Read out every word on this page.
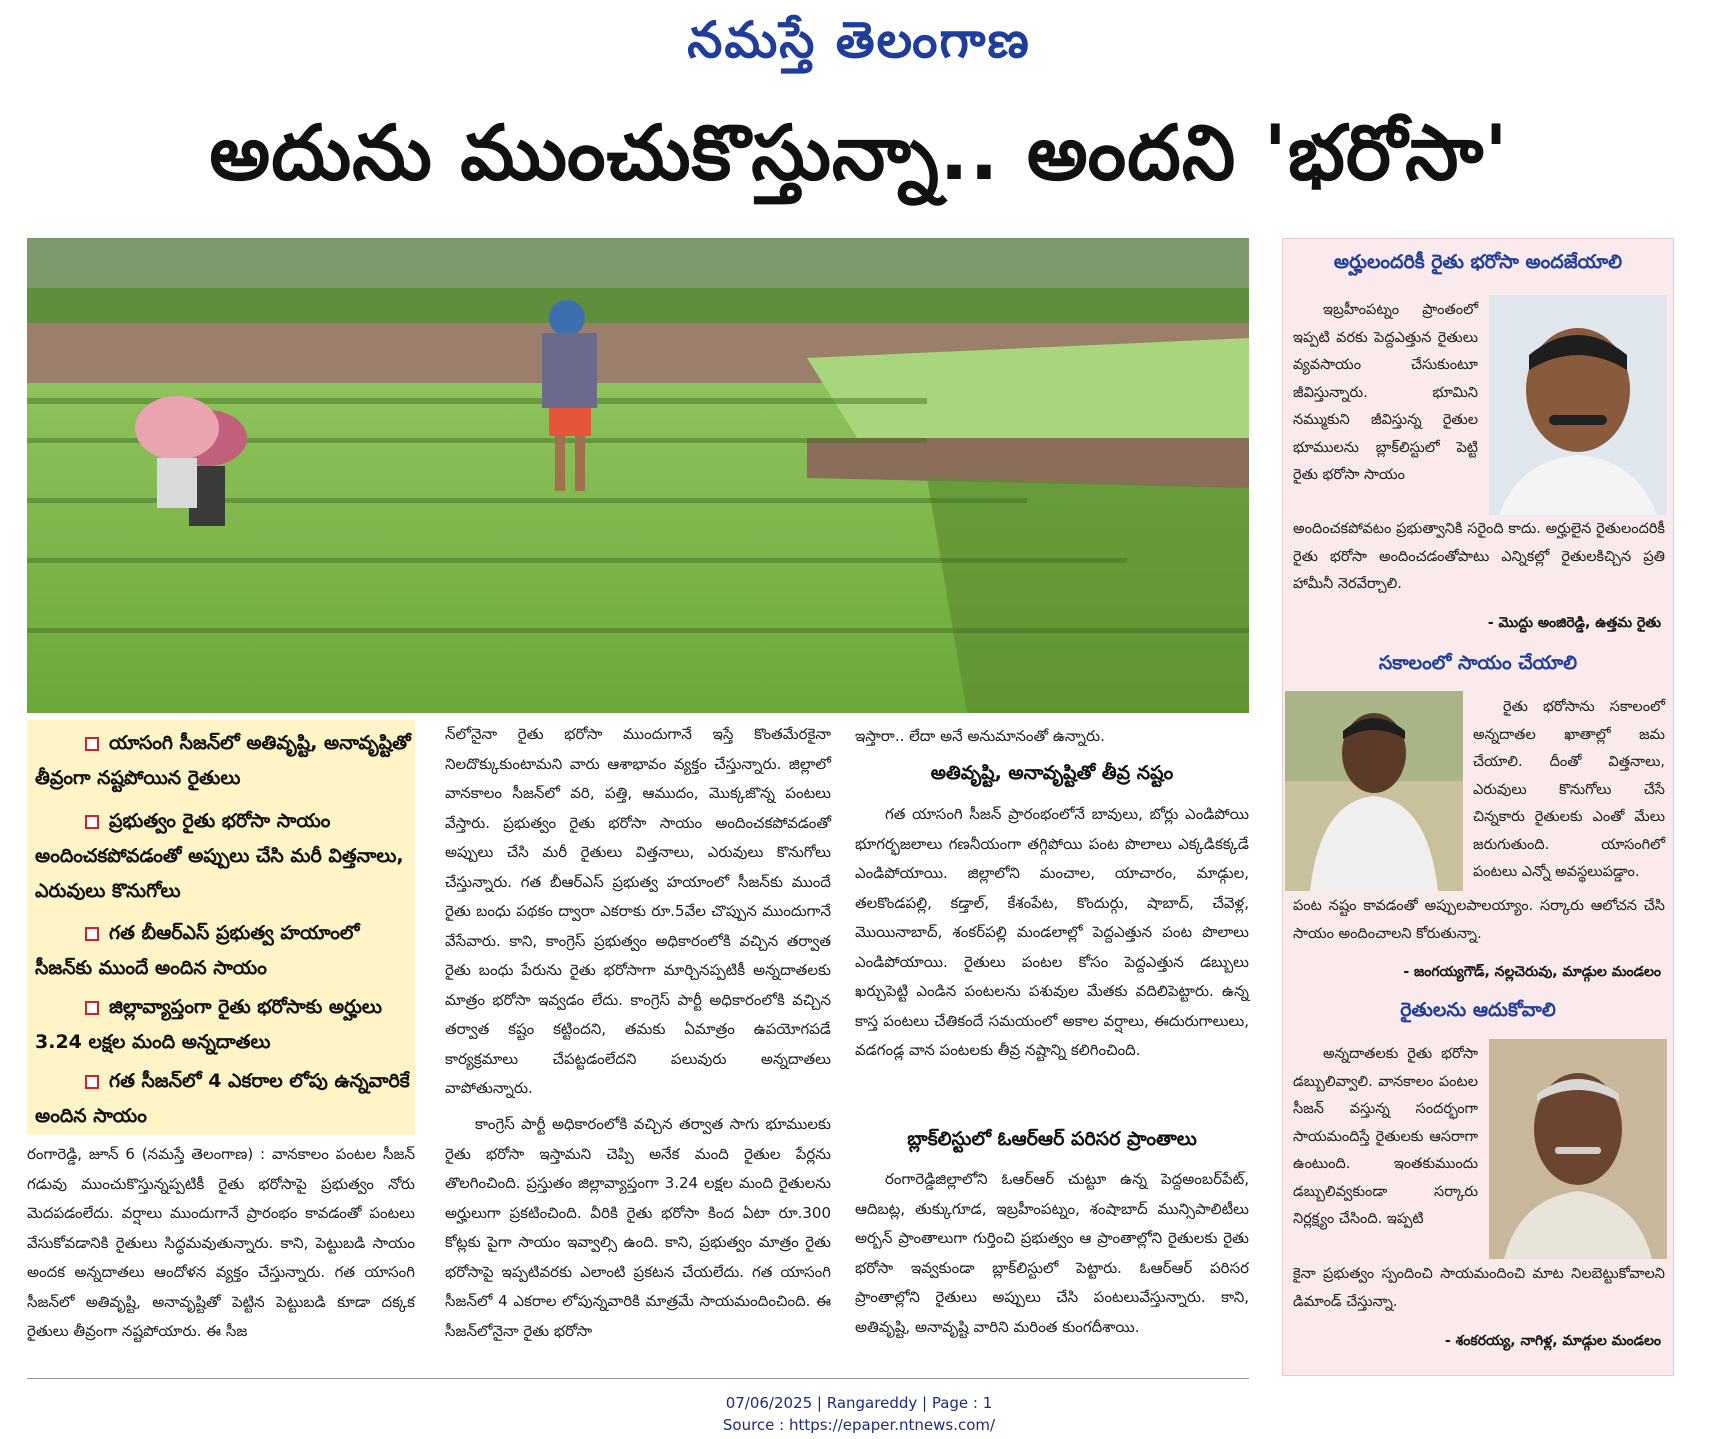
నమస్తే తెలంగాణ
అదును ముంచుకొస్తున్నా.. అందని 'భరోసా'
యాసంగి సీజన్‌లో అతివృష్టి, అనావృష్టితో తీవ్రంగా నష్టపోయిన రైతులు
ప్రభుత్వం రైతు భరోసా సాయం అందించకపోవడంతో అప్పులు చేసి మరీ విత్తనాలు, ఎరువులు కొనుగోలు
గత బీఆర్‌ఎస్ ప్రభుత్వ హయాంలో సీజన్‌కు ముందే అందిన సాయం
జిల్లావ్యాప్తంగా రైతు భరోసాకు అర్హులు 3.24 లక్షల మంది అన్నదాతలు
గత సీజన్‌లో 4 ఎకరాల లోపు ఉన్నవారికే అందిన సాయం
రంగారెడ్డి, జూన్ 6 (నమస్తే తెలంగాణ) : వానకాలం పంటల సీజన్ గడువు ముంచుకొస్తున్నప్పటికీ రైతు భరోసాపై ప్రభుత్వం నోరు మెదపడంలేదు. వర్షాలు ముందుగానే ప్రారంభం కావడంతో పంటలు వేసుకోవడానికి రైతులు సిద్ధమవుతున్నారు. కాని, పెట్టుబడి సాయం అందక అన్నదాతలు ఆందోళన వ్యక్తం చేస్తున్నారు. గత యాసంగి సీజన్‌లో అతివృష్టి, అనావృష్టితో పెట్టిన పెట్టుబడి కూడా దక్కక రైతులు తీవ్రంగా నష్టపోయారు. ఈ సీజ
న్‌లోనైనా రైతు భరోసా ముందుగానే ఇస్తే కొంతమేరకైనా నిలదొక్కుకుంటామని వారు ఆశాభావం వ్యక్తం చేస్తున్నారు. జిల్లాలో వానకాలం సీజన్‌లో వరి, పత్తి, ఆముదం, మొక్కజొన్న పంటలు వేస్తారు. ప్రభుత్వం రైతు భరోసా సాయం అందించకపోవడంతో అప్పులు చేసి మరీ రైతులు విత్తనాలు, ఎరువులు కొనుగోలు చేస్తున్నారు. గత బీఆర్‌ఎస్ ప్రభుత్వ హయాంలో సీజన్‌కు ముందే రైతు బంధు పథకం ద్వారా ఎకరాకు రూ.5వేల చొప్పున ముందుగానే వేసేవారు. కాని, కాంగ్రెస్ ప్రభుత్వం అధికారంలోకి వచ్చిన తర్వాత రైతు బంధు పేరును రైతు భరోసాగా మార్చినప్పటికీ అన్నదాతలకు మాత్రం భరోసా ఇవ్వడం లేదు. కాంగ్రెస్ పార్టీ అధికారంలోకి వచ్చిన తర్వాత కష్టం కట్టిందని, తమకు ఏమాత్రం ఉపయోగపడే కార్యక్రమాలు చేపట్టడంలేదని పలువురు అన్నదాతలు వాపోతున్నారు.
కాంగ్రెస్ పార్టీ అధికారంలోకి వచ్చిన తర్వాత సాగు భూములకు రైతు భరోసా ఇస్తామని చెప్పి అనేక మంది రైతుల పేర్లను తొలగించింది. ప్రస్తుతం జిల్లావ్యాప్తంగా 3.24 లక్షల మంది రైతులను అర్హులుగా ప్రకటించింది. వీరికి రైతు భరోసా కింద ఏటా రూ.300 కోట్లకు పైగా సాయం ఇవ్వాల్సి ఉంది. కాని, ప్రభుత్వం మాత్రం రైతు భరోసాపై ఇప్పటివరకు ఎలాంటి ప్రకటన చేయలేదు. గత యాసంగి సీజన్‌లో 4 ఎకరాల లోపున్నవారికి మాత్రమే సాయమందించింది. ఈ సీజన్‌లోనైనా రైతు భరోసా
ఇస్తారా.. లేదా అనే అనుమానంతో ఉన్నారు.
అతివృష్టి, అనావృష్టితో తీవ్ర నష్టం
గత యాసంగి సీజన్ ప్రారంభంలోనే బావులు, బోర్లు ఎండిపోయి భూగర్భజలాలు గణనీయంగా తగ్గిపోయి పంట పొలాలు ఎక్కడికక్కడే ఎండిపోయాయి. జిల్లాలోని మంచాల, యాచారం, మాడ్గుల, తలకొండపల్లి, కడ్తాల్, కేశంపేట, కొందుర్గు, షాబాద్, చేవెళ్ల, మొయినాబాద్, శంకర్‌పల్లి మండలాల్లో పెద్దఎత్తున పంట పొలాలు ఎండిపోయాయి. రైతులు పంటల కోసం పెద్దఎత్తున డబ్బులు ఖర్చుపెట్టి ఎండిన పంటలను పశువుల మేతకు వదిలిపెట్టారు. ఉన్న కాస్త పంటలు చేతికందే సమయంలో అకాల వర్షాలు, ఈదురుగాలులు, వడగండ్ల వాన పంటలకు తీవ్ర నష్టాన్ని కలిగించింది.
బ్లాక్‌లిస్టులో ఓఆర్‌ఆర్ పరిసర ప్రాంతాలు
రంగారెడ్డిజిల్లాలోని ఓఆర్‌ఆర్ చుట్టూ ఉన్న పెద్దఅంబర్‌పేట్, ఆదిబట్ల, తుక్కుగూడ, ఇబ్రహీంపట్నం, శంషాబాద్ మున్సిపాలిటీలు అర్బన్ ప్రాంతాలుగా గుర్తించి ప్రభుత్వం ఆ ప్రాంతాల్లోని రైతులకు రైతు భరోసా ఇవ్వకుండా బ్లాక్‌లిస్టులో పెట్టారు. ఓఆర్‌ఆర్ పరిసర ప్రాంతాల్లోని రైతులు అప్పులు చేసి పంటలువేస్తున్నారు. కాని, అతివృష్టి, అనావృష్టి వారిని మరింత కుంగదీశాయి.
అర్హులందరికీ రైతు భరోసా అందజేయాలి
ఇబ్రహీంపట్నం ప్రాంతంలో ఇప్పటి వరకు పెద్దఎత్తున రైతులు వ్యవసాయం చేసుకుంటూ జీవిస్తున్నారు. భూమిని నమ్ముకుని జీవిస్తున్న రైతుల భూములను బ్లాక్‌లిస్టులో పెట్టి రైతు భరోసా సాయం
అందించకపోవటం ప్రభుత్వానికి సరైంది కాదు. అర్హులైన రైతులందరికీ రైతు భరోసా అందించడంతోపాటు ఎన్నికల్లో రైతులకిచ్చిన ప్రతి హామీనీ నెరవేర్చాలి.
- మొద్దు అంజిరెడ్డి, ఉత్తమ రైతు
సకాలంలో సాయం చేయాలి
రైతు భరోసాను సకాలంలో అన్నదాతల ఖాతాల్లో జమ చేయాలి. దీంతో విత్తనాలు, ఎరువులు కొనుగోలు చేసే చిన్నకారు రైతులకు ఎంతో మేలు జరుగుతుంది. యాసంగిలో పంటలు ఎన్నో అవస్థలుపడ్డాం.
పంట నష్టం కావడంతో అప్పులపాలయ్యాం. సర్కారు ఆలోచన చేసి సాయం అందించాలని కోరుతున్నా.
- జంగయ్యగౌడ్, నల్లచెరువు, మాడ్గుల మండలం
రైతులను ఆదుకోవాలి
అన్నదాతలకు రైతు భరోసా డబ్బులివ్వాలి. వానకాలం పంటల సీజన్ వస్తున్న సందర్భంగా సాయమందిస్తే రైతులకు ఆసరాగా ఉంటుంది. ఇంతకుముందు డబ్బులివ్వకుండా సర్కారు నిర్లక్ష్యం చేసింది. ఇప్పటి
కైనా ప్రభుత్వం స్పందించి సాయమందించి మాట నిలబెట్టుకోవాలని డిమాండ్ చేస్తున్నా.
- శంకరయ్య, నాగిళ్ల, మాడ్గుల మండలం
07/06/2025 | Rangareddy | Page : 1
Source : https://epaper.ntnews.com/
